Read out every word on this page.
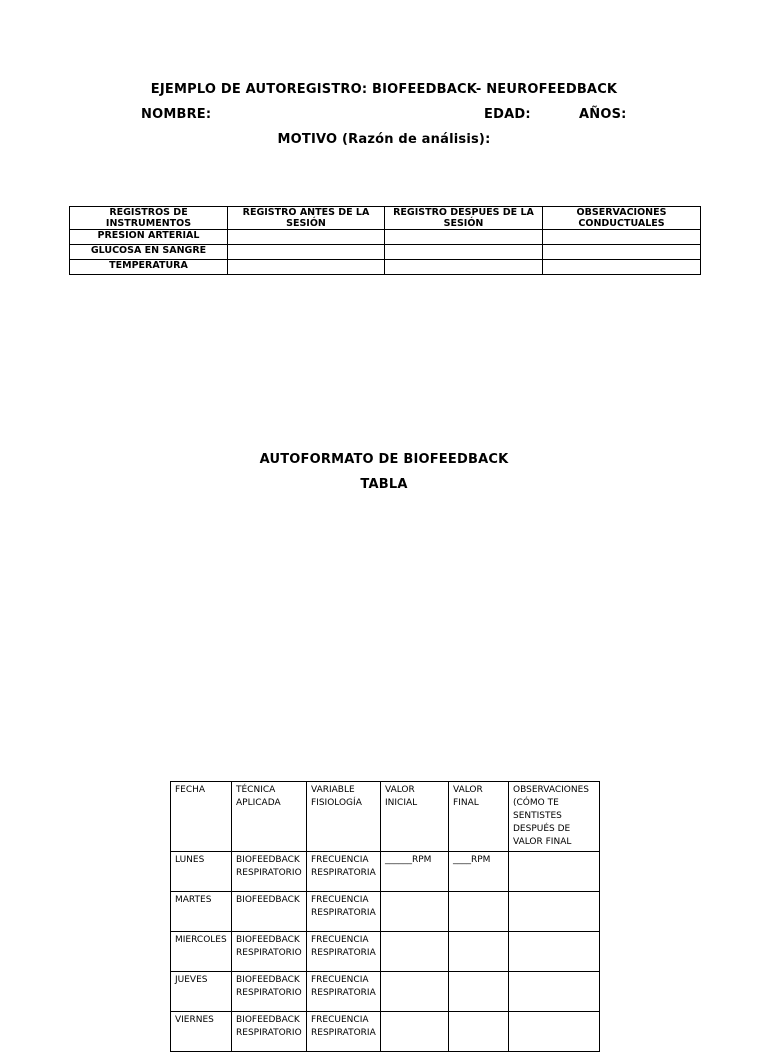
EJEMPLO DE AUTOREGISTRO: BIOFEEDBACK- NEUROFEEDBACK
NOMBRE:	EDAD:	AÑOS:
MOTIVO (Razón de análisis):
REGISTROS DE INSTRUMENTOS	REGISTRO ANTES DE LA SESIÓN	REGISTRO DESPUES DE LA SESIÓN	OBSERVACIONES CONDUCTUALES
PRESION ARTERIAL			
GLUCOSA EN SANGRE			
TEMPERATURA			
AUTOFORMATO DE BIOFEEDBACK
TABLA
FECHA	TÉCNICA APLICADA	VARIABLE FISIOLOGÍA	VALOR INICIAL	VALOR FINAL	OBSERVACIONES (CÓMO TE SENTISTES DESPUÉS DE VALOR FINAL
LUNES	BIOFEEDBACK RESPIRATORIO	FRECUENCIA RESPIRATORIA	______RPM	____RPM	
MARTES	BIOFEEDBACK	FRECUENCIA RESPIRATORIA			
MIERCOLES	BIOFEEDBACK RESPIRATORIO	FRECUENCIA RESPIRATORIA			
JUEVES	BIOFEEDBACK RESPIRATORIO	FRECUENCIA RESPIRATORIA			
VIERNES	BIOFEEDBACK RESPIRATORIO	FRECUENCIA RESPIRATORIA			
